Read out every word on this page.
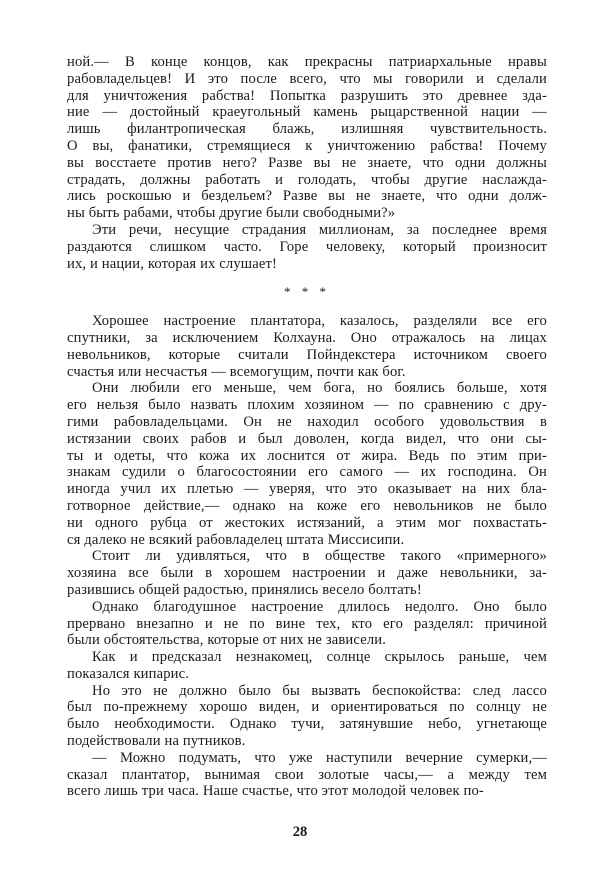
ной.— В конце концов, как прекрасны патриархальные нравы
рабовладельцев! И это после всего, что мы говорили и сделали
для уничтожения рабства! Попытка разрушить это древнее зда-
ние — достойный краеугольный камень рыцарственной нации —
лишь филантропическая блажь, излишняя чувствительность.
О вы, фанатики, стремящиеся к уничтожению рабства! Почему
вы восстаете против него? Разве вы не знаете, что одни должны
страдать, должны работать и голодать, чтобы другие наслажда-
лись роскошью и бездельем? Разве вы не знаете, что одни долж-
ны быть рабами, чтобы другие были свободными?»
Эти речи, несущие страдания миллионам, за последнее время
раздаются слишком часто. Горе человеку, который произносит
их, и нации, которая их слушает!
* * *
Хорошее настроение плантатора, казалось, разделяли все его
спутники, за исключением Колхауна. Оно отражалось на лицах
невольников, которые считали Пойндекстера источником своего
счастья или несчастья — всемогущим, почти как бог.
Они любили его меньше, чем бога, но боялись больше, хотя
его нельзя было назвать плохим хозяином — по сравнению с дру-
гими рабовладельцами. Он не находил особого удовольствия в
истязании своих рабов и был доволен, когда видел, что они сы-
ты и одеты, что кожа их лоснится от жира. Ведь по этим при-
знакам судили о благосостоянии его самого — их господина. Он
иногда учил их плетью — уверяя, что это оказывает на них бла-
готворное действие,— однако на коже его невольников не было
ни одного рубца от жестоких истязаний, а этим мог похвастать-
ся далеко не всякий рабовладелец штата Миссисипи.
Стоит ли удивляться, что в обществе такого «примерного»
хозяина все были в хорошем настроении и даже невольники, за-
разившись общей радостью, принялись весело болтать!
Однако благодушное настроение длилось недолго. Оно было
прервано внезапно и не по вине тех, кто его разделял: причиной
были обстоятельства, которые от них не зависели.
Как и предсказал незнакомец, солнце скрылось раньше, чем
показался кипарис.
Но это не должно было бы вызвать беспокойства: след лассо
был по-прежнему хорошо виден, и ориентироваться по солнцу не
было необходимости. Однако тучи, затянувшие небо, угнетающе
подействовали на путников.
— Можно подумать, что уже наступили вечерние сумерки,—
сказал плантатор, вынимая свои золотые часы,— а между тем
всего лишь три часа. Наше счастье, что этот молодой человек по-
28
